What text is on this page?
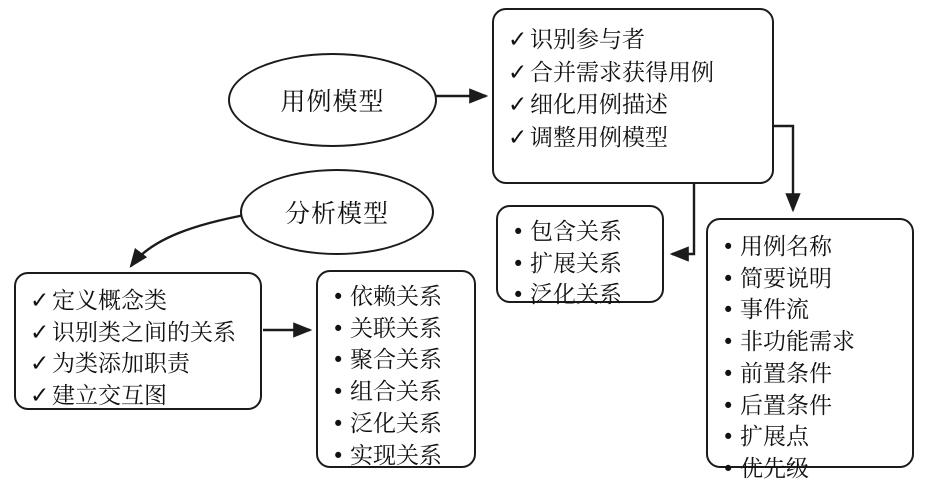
用例模型
分析模型
✓ 识别参与者
✓ 合并需求获得用例
✓ 细化用例描述
✓ 调整用例模型
✓ 定义概念类
✓ 识别类之间的关系
✓ 为类添加职责
✓ 建立交互图
• 包含关系
• 扩展关系
• 泛化关系
• 依赖关系
• 关联关系
• 聚合关系
• 组合关系
• 泛化关系
• 实现关系
• 用例名称
• 简要说明
• 事件流
• 非功能需求
• 前置条件
• 后置条件
• 扩展点
• 优先级
